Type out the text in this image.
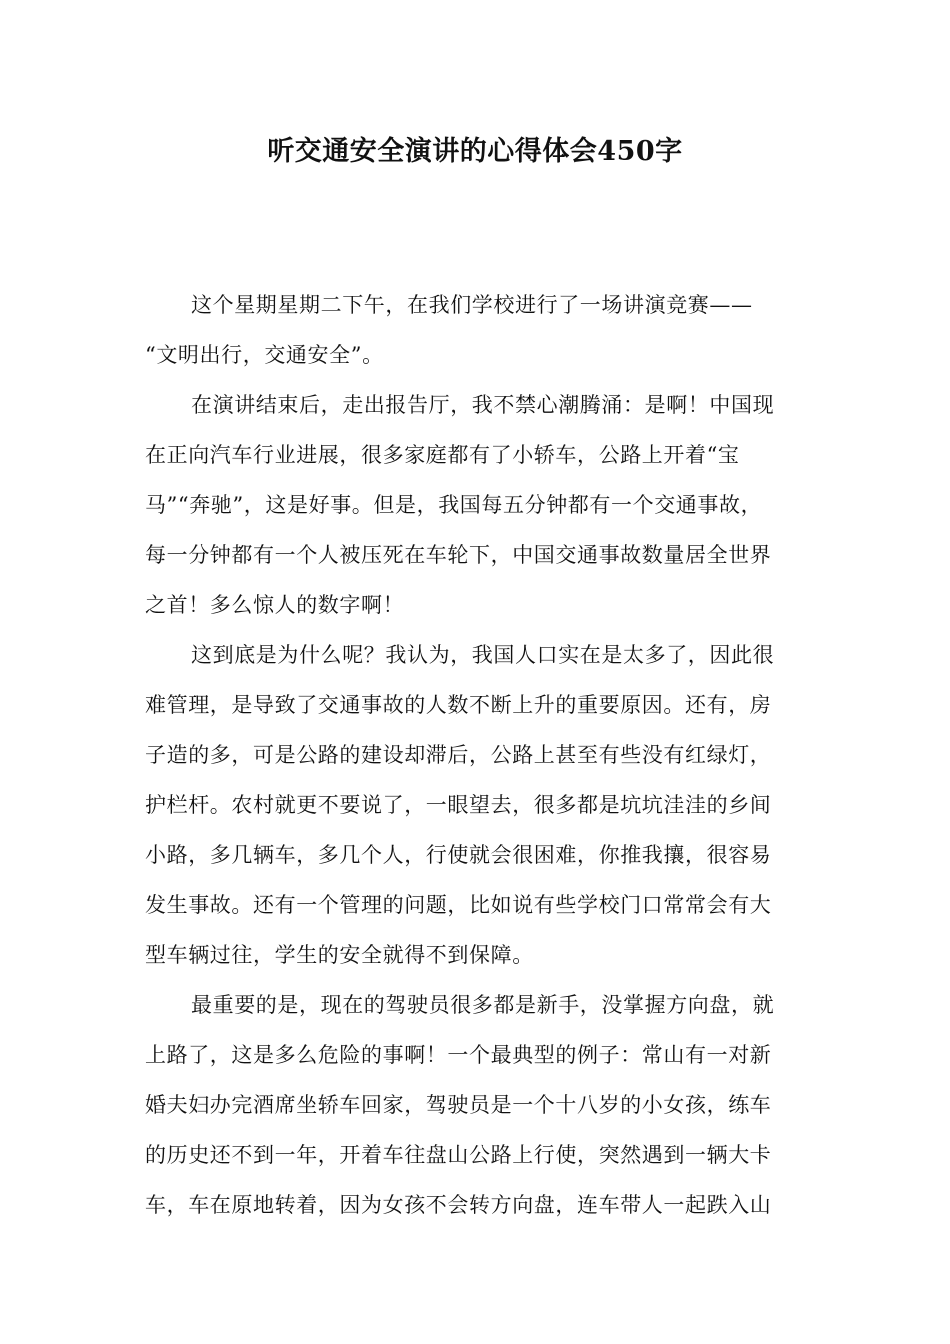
听交通安全演讲的心得体会450字

这个星期星期二下午，在我们学校进行了一场讲演竞赛——
“文明出行，交通安全”。

在演讲结束后，走出报告厅，我不禁心潮腾涌：是啊！中国现
在正向汽车行业进展，很多家庭都有了小轿车，公路上开着“宝
马”“奔驰”，这是好事。但是，我国每五分钟都有一个交通事故，
每一分钟都有一个人被压死在车轮下，中国交通事故数量居全世界
之首！多么惊人的数字啊！

这到底是为什么呢？我认为，我国人口实在是太多了，因此很
难管理，是导致了交通事故的人数不断上升的重要原因。还有，房
子造的多，可是公路的建设却滞后，公路上甚至有些没有红绿灯，
护栏杆。农村就更不要说了，一眼望去，很多都是坑坑洼洼的乡间
小路，多几辆车，多几个人，行使就会很困难，你推我攘，很容易
发生事故。还有一个管理的问题，比如说有些学校门口常常会有大
型车辆过往，学生的安全就得不到保障。

最重要的是，现在的驾驶员很多都是新手，没掌握方向盘，就
上路了，这是多么危险的事啊！一个最典型的例子：常山有一对新
婚夫妇办完酒席坐轿车回家，驾驶员是一个十八岁的小女孩，练车
的历史还不到一年，开着车往盘山公路上行使，突然遇到一辆大卡
车，车在原地转着，因为女孩不会转方向盘，连车带人一起跌入山
